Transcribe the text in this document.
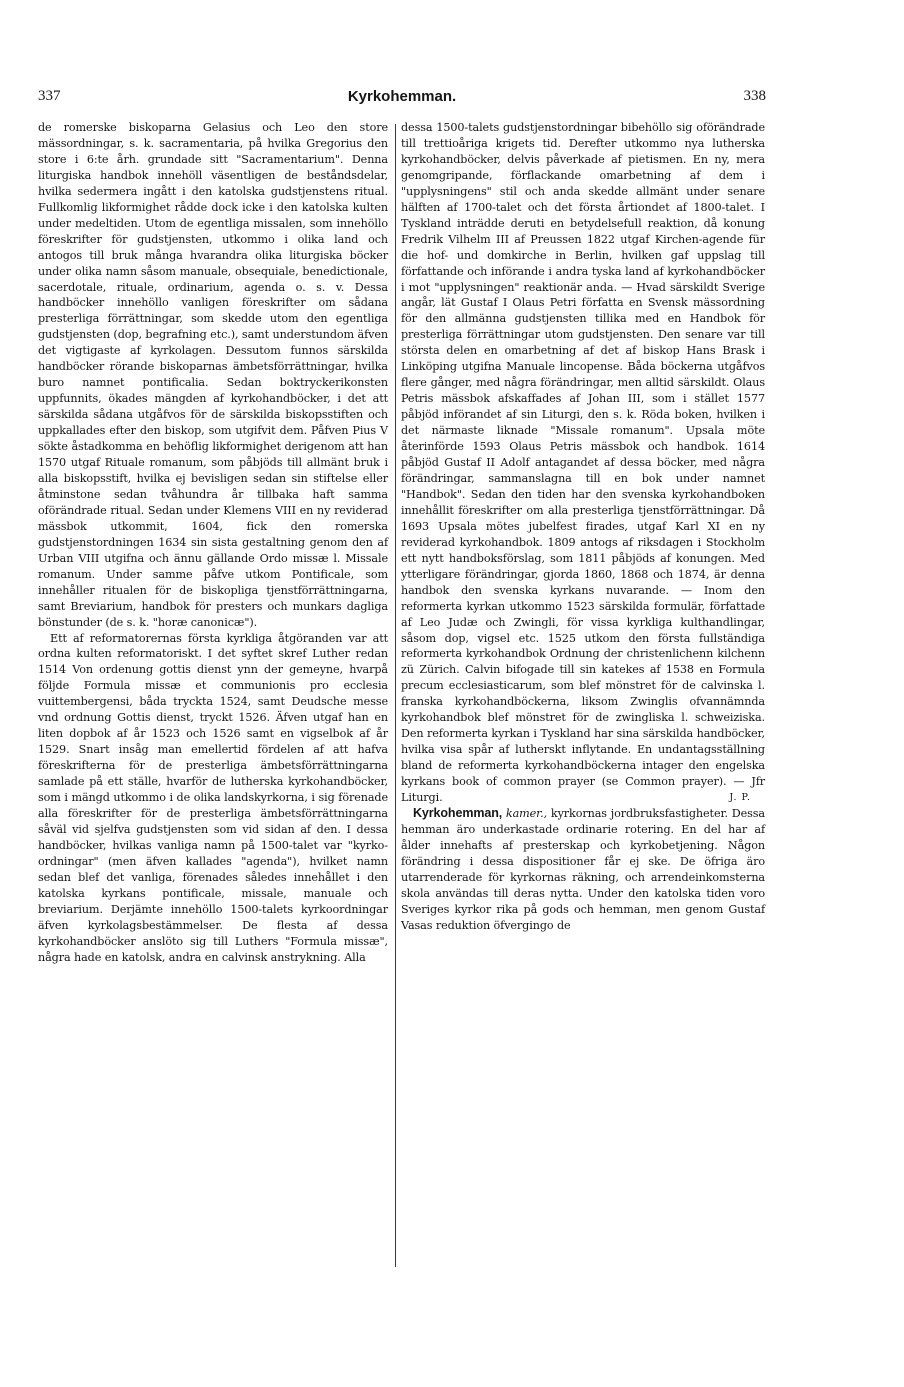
337	Kyrkohemman.	338

de romerske biskoparna Gelasius och Leo den store mässordningar, s. k. sacramentaria, på hvilka Gregorius den store i 6:te årh. grundade sitt "Sacramentarium". Denna liturgiska handbok innehöll väsentligen de beståndsdelar, hvilka sedermera ingått i den katolska gudstjenstens ritual. Fullkomlig likformighet rådde dock icke i den katolska kulten under medeltiden. Utom de egentliga missalen, som innehöllo föreskrifter för gudstjensten, utkommo i olika land och antogos till bruk många hvarandra olika liturgiska böcker under olika namn såsom manuale, obsequiale, benedictionale, sacerdotale, rituale, ordinarium, agenda o. s. v. Dessa handböcker innehöllo vanligen föreskrifter om sådana presterliga förrättningar, som skedde utom den egentliga gudstjensten (dop, begrafning etc.), samt understundom äfven det vigtigaste af kyrkolagen. Dessutom funnos särskilda handböcker rörande biskoparnas ämbetsförrättningar, hvilka buro namnet pontificalia. Sedan boktryckerikonsten uppfunnits, ökades mängden af kyrkohandböcker, i det att särskilda sådana utgåfvos för de särskilda biskopsstiften och uppkallades efter den biskop, som utgifvit dem. Påfven Pius V sökte åstadkomma en behöflig likformighet derigenom att han 1570 utgaf Rituale romanum, som påbjöds till allmänt bruk i alla biskopsstift, hvilka ej bevisligen sedan sin stiftelse eller åtminstone sedan tvåhundra år tillbaka haft samma oförändrade ritual. Sedan under Klemens VIII en ny reviderad mässbok utkommit, 1604, fick den romerska gudstjenstordningen 1634 sin sista gestaltning genom den af Urban VIII utgifna och ännu gällande Ordo missæ l. Missale romanum. Under samme påfve utkom Pontificale, som innehåller ritualen för de biskopliga tjenstförrättningarna, samt Breviarium, handbok för presters och munkars dagliga bönstunder (de s. k. "horæ canonicæ").

Ett af reformatorernas första kyrkliga åtgöranden var att ordna kulten reformatoriskt. I det syftet skref Luther redan 1514 Von ordenung gottis dienst ynn der gemeyne, hvarpå följde Formula missæ et communionis pro ecclesia vuittembergensi, båda tryckta 1524, samt Deudsche messe vnd ordnung Gottis dienst, tryckt 1526. Äfven utgaf han en liten dopbok af år 1523 och 1526 samt en vigselbok af år 1529. Snart insåg man emellertid fördelen af att hafva föreskrifterna för de presterliga ämbetsförrättningarna samlade på ett ställe, hvarför de lutherska kyrkohandböcker, som i mängd utkommo i de olika landskyrkorna, i sig förenade alla föreskrifter för de presterliga ämbetsförrättningarna såväl vid sjelfva gudstjensten som vid sidan af den. I dessa handböcker, hvilkas vanliga namn på 1500-talet var "kyrko-ordningar" (men äfven kallades "agenda"), hvilket namn sedan blef det vanliga, förenades således innehållet i den katolska kyrkans pontificale, missale, manuale och breviarium. Derjämte innehöllo 1500-talets kyrkoordningar äfven kyrkolagsbestämmelser. De flesta af dessa kyrkohandböcker anslöto sig till Luthers "Formula missæ", några hade en katolsk, andra en calvinsk anstrykning. Alla

dessa 1500-talets gudstjenstordningar bibehöllo sig oförändrade till trettioåriga krigets tid. Derefter utkommo nya lutherska kyrkohandböcker, delvis påverkade af pietismen. En ny, mera genomgripande, förflackande omarbetning af dem i "upplysningens" stil och anda skedde allmänt under senare hälften af 1700-talet och det första årtiondet af 1800-talet. I Tyskland inträdde deruti en betydelsefull reaktion, då konung Fredrik Vilhelm III af Preussen 1822 utgaf Kirchen-agende für die hof- und domkirche in Berlin, hvilken gaf uppslag till författande och införande i andra tyska land af kyrkohandböcker i mot "upplysningen" reaktionär anda. — Hvad särskildt Sverige angår, lät Gustaf I Olaus Petri författa en Svensk mässordning för den allmänna gudstjensten tillika med en Handbok för presterliga förrättningar utom gudstjensten. Den senare var till största delen en omarbetning af det af biskop Hans Brask i Linköping utgifna Manuale lincopense. Båda böckerna utgåfvos flere gånger, med några förändringar, men alltid särskildt. Olaus Petris mässbok afskaffades af Johan III, som i stället 1577 påbjöd införandet af sin Liturgi, den s. k. Röda boken, hvilken i det närmaste liknade "Missale romanum". Upsala möte återinförde 1593 Olaus Petris mässbok och handbok. 1614 påbjöd Gustaf II Adolf antagandet af dessa böcker, med några förändringar, sammanslagna till en bok under namnet "Handbok". Sedan den tiden har den svenska kyrkohandboken innehållit föreskrifter om alla presterliga tjenstförrättningar. Då 1693 Upsala mötes jubelfest firades, utgaf Karl XI en ny reviderad kyrkohandbok. 1809 antogs af riksdagen i Stockholm ett nytt handboksförslag, som 1811 påbjöds af konungen. Med ytterligare förändringar, gjorda 1860, 1868 och 1874, är denna handbok den svenska kyrkans nuvarande. — Inom den reformerta kyrkan utkommo 1523 särskilda formulär, författade af Leo Judæ och Zwingli, för vissa kyrkliga kulthandlingar, såsom dop, vigsel etc. 1525 utkom den första fullständiga reformerta kyrkohandbok Ordnung der christenlichenn kilchenn zü Zürich. Calvin bifogade till sin katekes af 1538 en Formula precum ecclesiasticarum, som blef mönstret för de calvinska l. franska kyrkohandböckerna, liksom Zwinglis ofvannämnda kyrkohandbok blef mönstret för de zwingliska l. schweiziska. Den reformerta kyrkan i Tyskland har sina särskilda handböcker, hvilka visa spår af lutherskt inflytande. En undantagsställning bland de reformerta kyrkohandböckerna intager den engelska kyrkans book of common prayer (se Common prayer). — Jfr Liturgi.	J. P.

Kyrkohemman, kamer., kyrkornas jordbruksfastigheter. Dessa hemman äro underkastade ordinarie rotering. En del har af ålder innehafts af presterskap och kyrkobetjening. Någon förändring i dessa dispositioner får ej ske. De öfriga äro utarrenderade för kyrkornas räkning, och arrendeinkomsterna skola användas till deras nytta. Under den katolska tiden voro Sveriges kyrkor rika på gods och hemman, men genom Gustaf Vasas reduktion öfvergingo de
